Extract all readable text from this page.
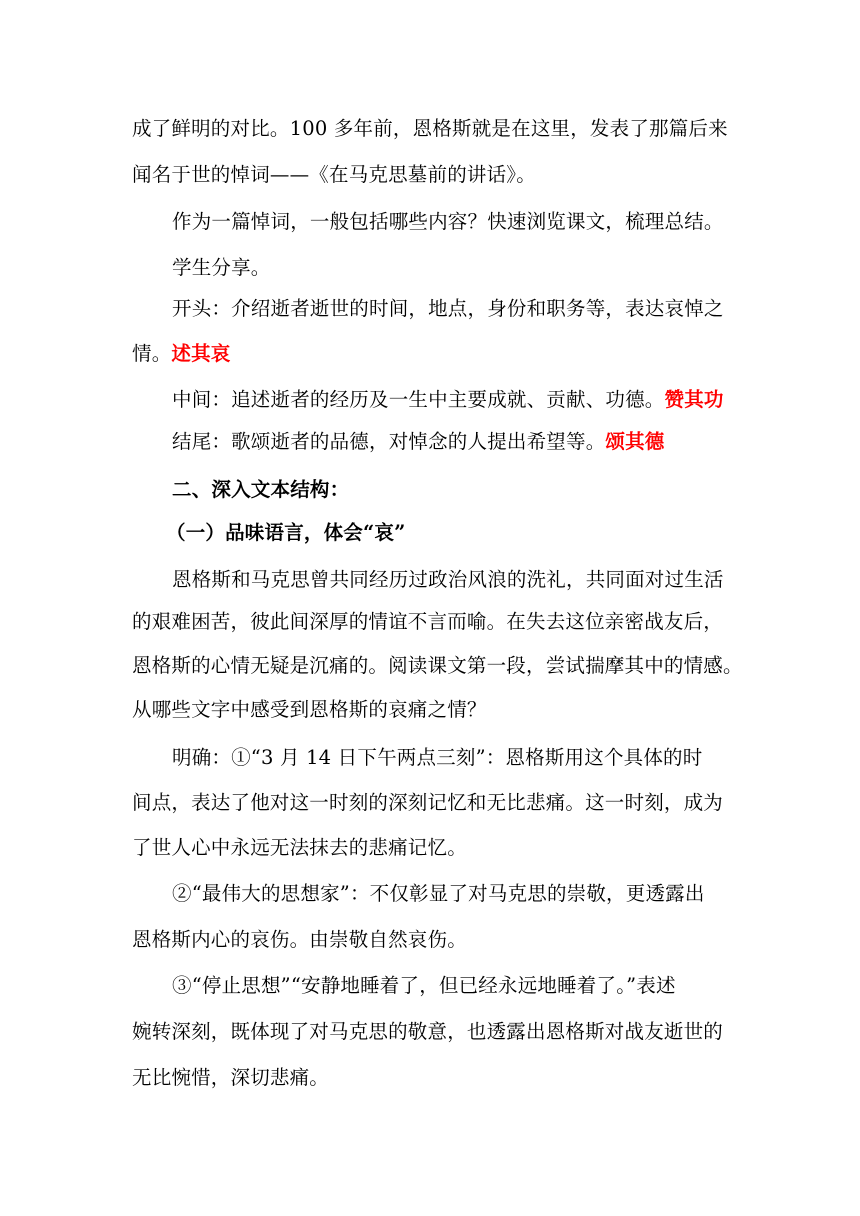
成了鲜明的对比。100 多年前，恩格斯就是在这里，发表了那篇后来
闻名于世的悼词——《在马克思墓前的讲话》。
作为一篇悼词，一般包括哪些内容？快速浏览课文，梳理总结。
学生分享。
开头：介绍逝者逝世的时间，地点，身份和职务等，表达哀悼之
情。述其哀
中间：追述逝者的经历及一生中主要成就、贡献、功德。赞其功
结尾：歌颂逝者的品德，对悼念的人提出希望等。颂其德
二、深入文本结构：
（一）品味语言，体会“哀”
恩格斯和马克思曾共同经历过政治风浪的洗礼，共同面对过生活
的艰难困苦，彼此间深厚的情谊不言而喻。在失去这位亲密战友后，
恩格斯的心情无疑是沉痛的。阅读课文第一段，尝试揣摩其中的情感。
从哪些文字中感受到恩格斯的哀痛之情？
明确：①“3 月 14 日下午两点三刻”：恩格斯用这个具体的时
间点，表达了他对这一时刻的深刻记忆和无比悲痛。这一时刻，成为
了世人心中永远无法抹去的悲痛记忆。
②“最伟大的思想家”：不仅彰显了对马克思的崇敬，更透露出
恩格斯内心的哀伤。由崇敬自然哀伤。
③“停止思想”“安静地睡着了，但已经永远地睡着了。”表述
婉转深刻，既体现了对马克思的敬意，也透露出恩格斯对战友逝世的
无比惋惜，深切悲痛。
